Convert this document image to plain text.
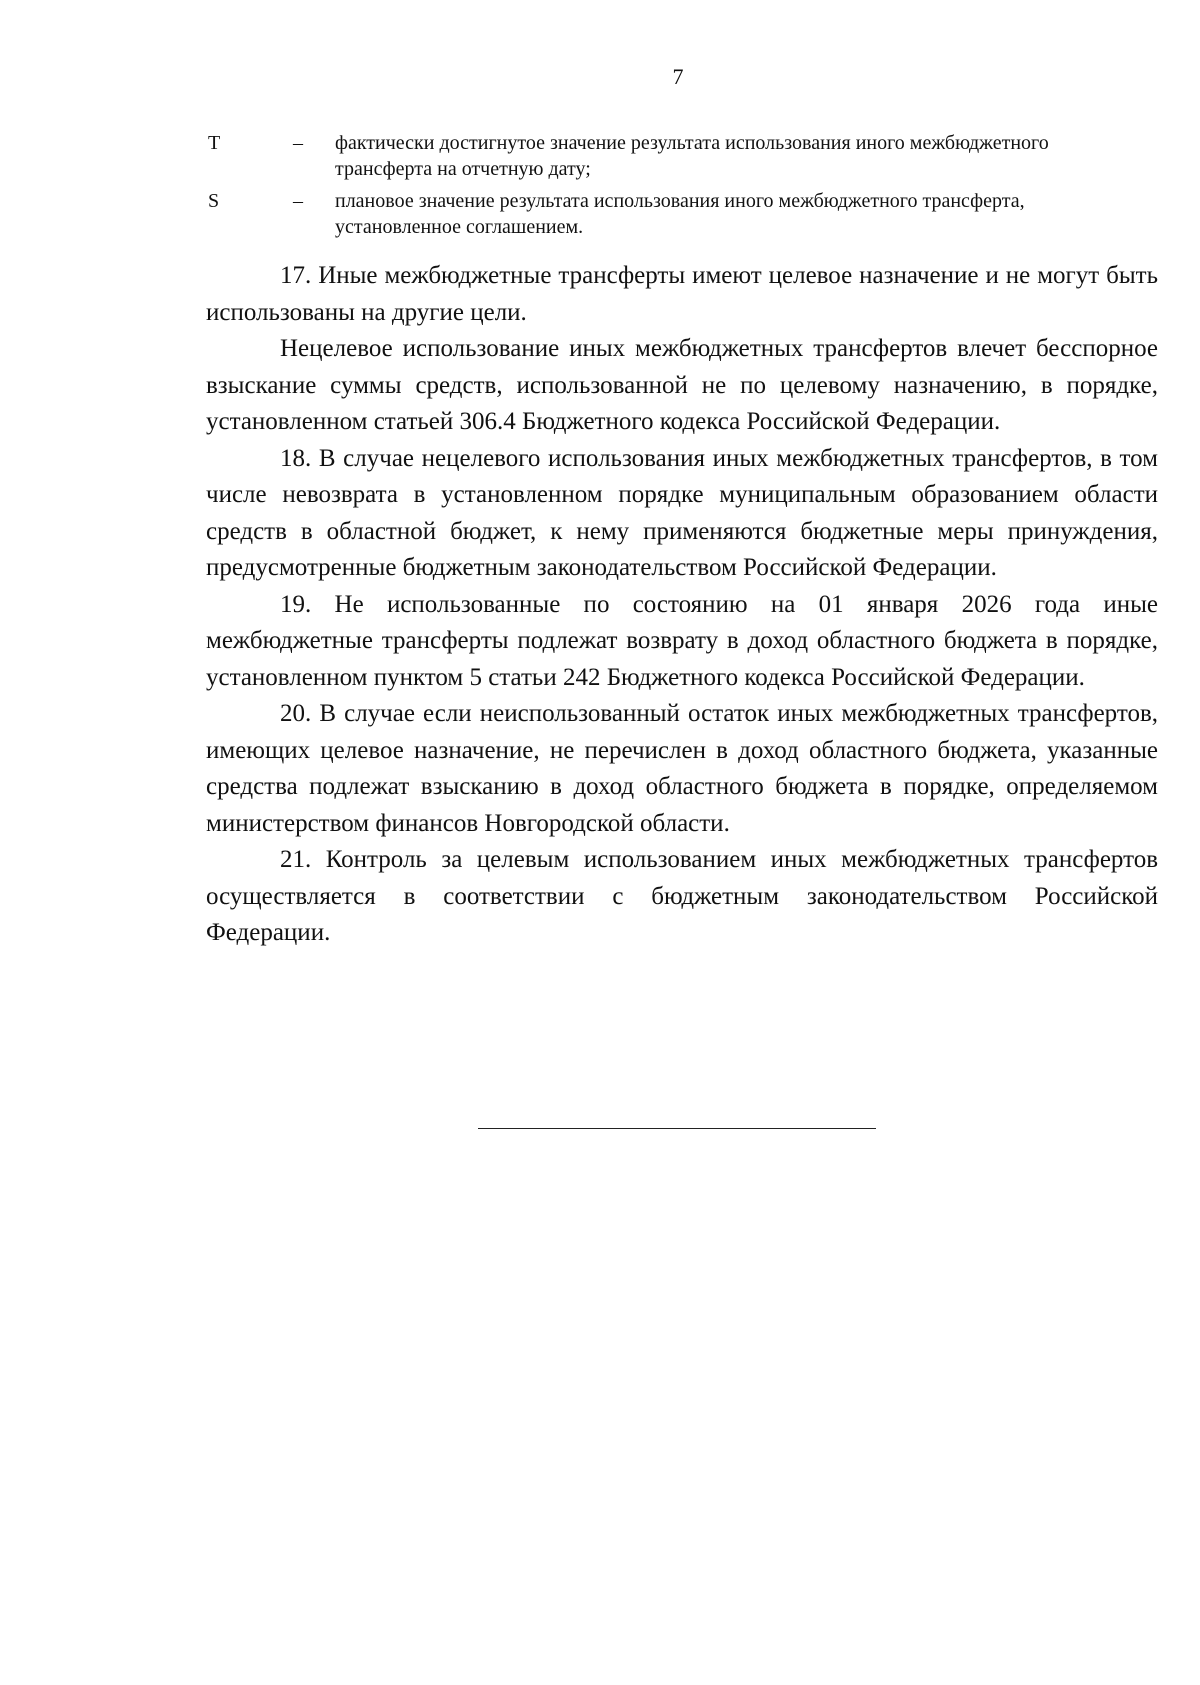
7
T	–	фактически достигнутое значение результата использования иного межбюджетного трансферта на отчетную дату;
S	–	плановое значение результата использования иного межбюджетного трансферта, установленное соглашением.

17. Иные межбюджетные трансферты имеют целевое назначение и не могут быть использованы на другие цели.

Нецелевое использование иных межбюджетных трансфертов влечет бесспорное взыскание суммы средств, использованной не по целевому назначению, в порядке, установленном статьей 306.4 Бюджетного кодекса Российской Федерации.

18. В случае нецелевого использования иных межбюджетных трансфертов, в том числе невозврата в установленном порядке муниципальным образованием области средств в областной бюджет, к нему применяются бюджетные меры принуждения, предусмотренные бюджетным законодательством Российской Федерации.

19. Не использованные по состоянию на 01 января 2026 года иные межбюджетные трансферты подлежат возврату в доход областного бюджета в порядке, установленном пунктом 5 статьи 242 Бюджетного кодекса Российской Федерации.

20. В случае если неиспользованный остаток иных межбюджетных трансфертов, имеющих целевое назначение, не перечислен в доход областного бюджета, указанные средства подлежат взысканию в доход областного бюджета в порядке, определяемом министерством финансов Новгородской области.

21. Контроль за целевым использованием иных межбюджетных трансфертов осуществляется в соответствии с бюджетным законодательством Российской Федерации.
